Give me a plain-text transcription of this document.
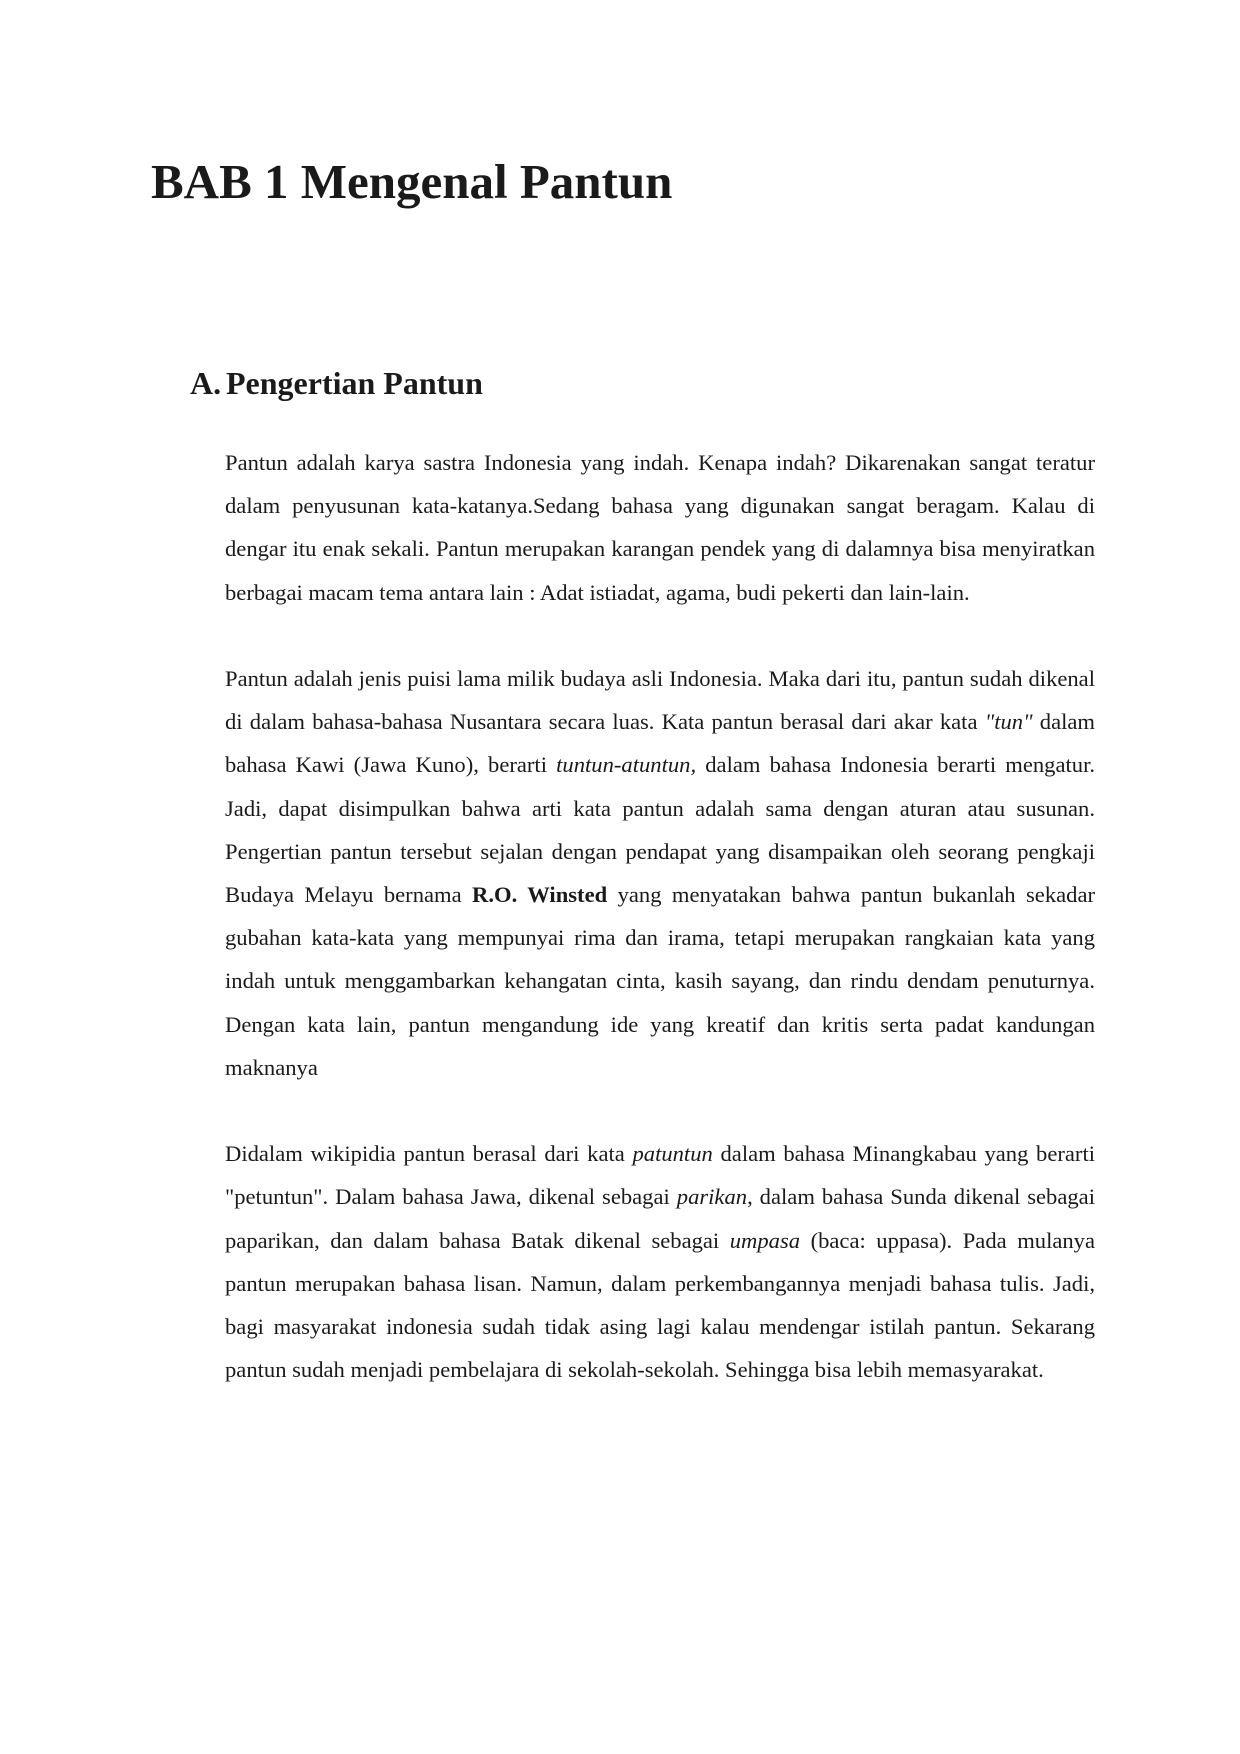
BAB 1 Mengenal Pantun
A. Pengertian Pantun

Pantun adalah karya sastra Indonesia yang indah. Kenapa indah? Dikarenakan sangat teratur dalam penyusunan kata-katanya.Sedang bahasa yang digunakan sangat beragam. Kalau di dengar itu enak sekali. Pantun merupakan karangan pendek yang di dalamnya bisa menyiratkan berbagai macam tema antara lain : Adat istiadat, agama, budi pekerti dan lain-lain.

Pantun adalah jenis puisi lama milik budaya asli Indonesia. Maka dari itu, pantun sudah dikenal di dalam bahasa-bahasa Nusantara secara luas. Kata pantun berasal dari akar kata "tun" dalam bahasa Kawi (Jawa Kuno), berarti tuntun-atuntun, dalam bahasa Indonesia berarti mengatur. Jadi, dapat disimpulkan bahwa arti kata pantun adalah sama dengan aturan atau susunan. Pengertian pantun tersebut sejalan dengan pendapat yang disampaikan oleh seorang pengkaji Budaya Melayu bernama R.O. Winsted yang menyatakan bahwa pantun bukanlah sekadar gubahan kata-kata yang mempunyai rima dan irama, tetapi merupakan rangkaian kata yang indah untuk menggambarkan kehangatan cinta, kasih sayang, dan rindu dendam penuturnya. Dengan kata lain, pantun mengandung ide yang kreatif dan kritis serta padat kandungan maknanya

Didalam wikipidia pantun berasal dari kata patuntun dalam bahasa Minangkabau yang berarti "petuntun". Dalam bahasa Jawa, dikenal sebagai parikan, dalam bahasa Sunda dikenal sebagai paparikan, dan dalam bahasa Batak dikenal sebagai umpasa (baca: uppasa). Pada mulanya pantun merupakan bahasa lisan. Namun, dalam perkembangannya menjadi bahasa tulis. Jadi, bagi masyarakat indonesia sudah tidak asing lagi kalau mendengar istilah pantun. Sekarang pantun sudah menjadi pembelajara di sekolah-sekolah. Sehingga bisa lebih memasyarakat.
